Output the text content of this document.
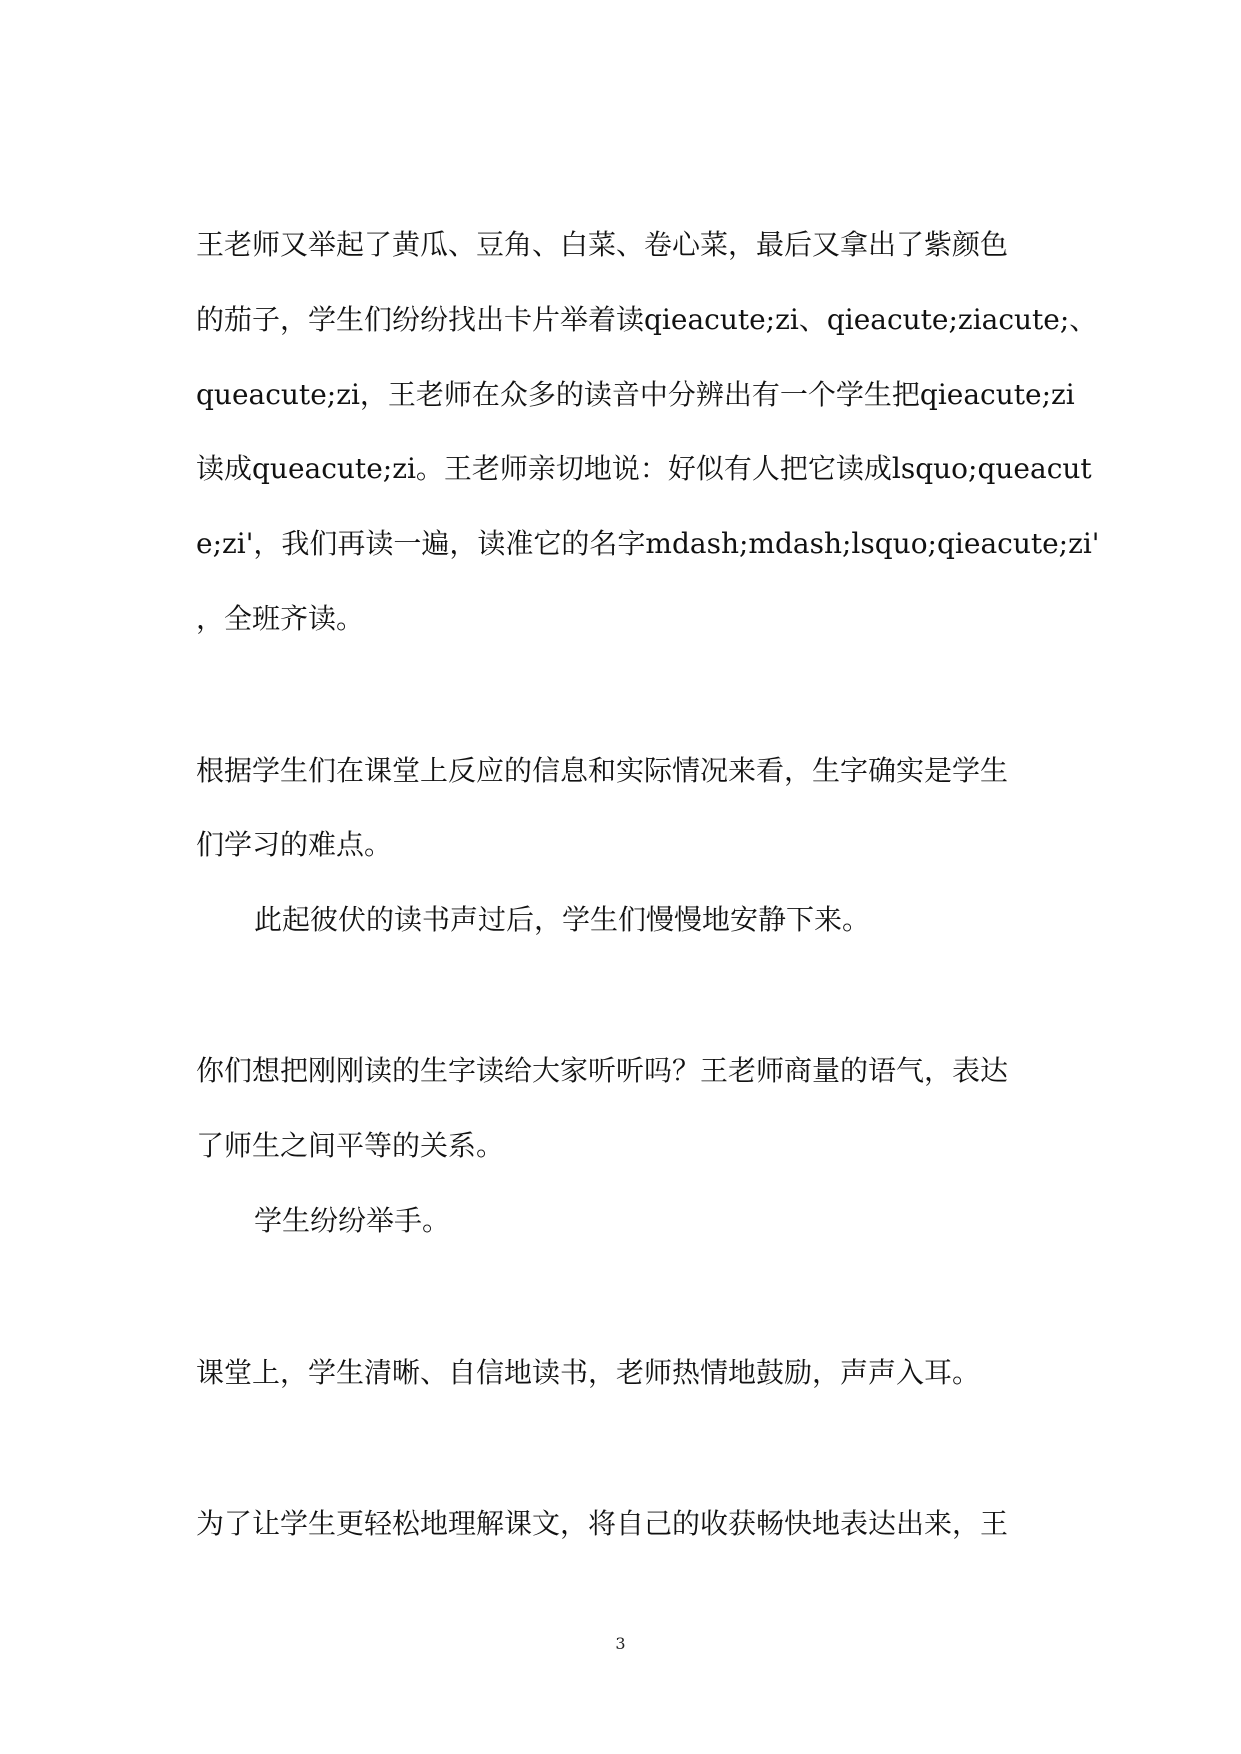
王老师又举起了黄瓜、豆角、白菜、卷心菜，最后又拿出了紫颜色

的茄子，学生们纷纷找出卡片举着读qieacute;zi、qieacute;ziacute;、

queacute;zi，王老师在众多的读音中分辨出有一个学生把qieacute;zi

读成queacute;zi。王老师亲切地说：好似有人把它读成lsquo;queacut

e;zi'，我们再读一遍，读准它的名字mdash;mdash;lsquo;qieacute;zi'

，全班齐读。

根据学生们在课堂上反应的信息和实际情况来看，生字确实是学生

们学习的难点。

此起彼伏的读书声过后，学生们慢慢地安静下来。

你们想把刚刚读的生字读给大家听听吗？王老师商量的语气，表达

了师生之间平等的关系。

学生纷纷举手。

课堂上，学生清晰、自信地读书，老师热情地鼓励，声声入耳。

为了让学生更轻松地理解课文，将自己的收获畅快地表达出来，王

3
